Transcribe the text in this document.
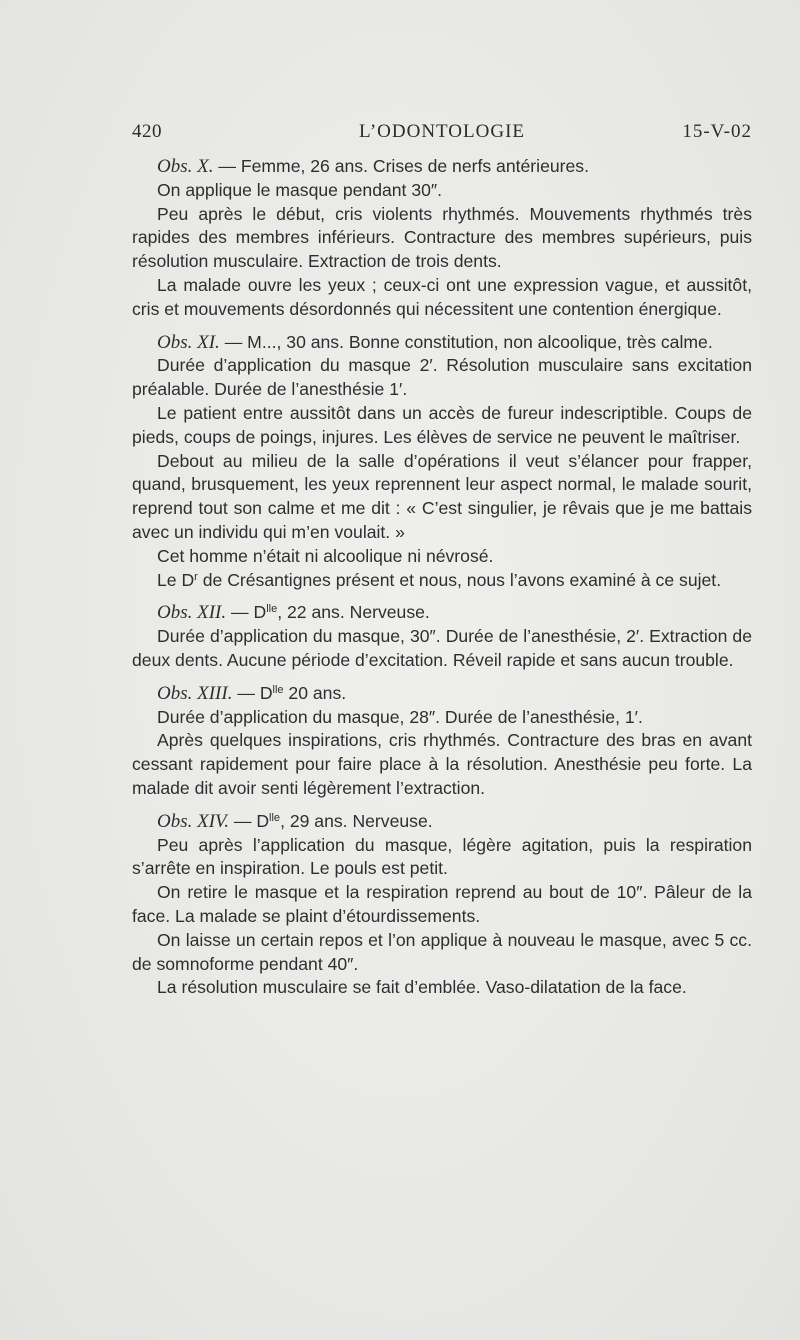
420	L’ODONTOLOGIE	15-V-02

Obs. X. — Femme, 26 ans. Crises de nerfs antérieures.

On applique le masque pendant 30″.

Peu après le début, cris violents rhythmés. Mouvements rhythmés très rapides des membres inférieurs. Contracture des membres supérieurs, puis résolution musculaire. Extraction de trois dents.

La malade ouvre les yeux ; ceux-ci ont une expression vague, et aussitôt, cris et mouvements désordonnés qui nécessitent une contention énergique.

Obs. XI. — M..., 30 ans. Bonne constitution, non alcoolique, très calme.

Durée d’application du masque 2′. Résolution musculaire sans excitation préalable. Durée de l’anesthésie 1′.

Le patient entre aussitôt dans un accès de fureur indescriptible. Coups de pieds, coups de poings, injures. Les élèves de service ne peuvent le maîtriser.

Debout au milieu de la salle d’opérations il veut s’élancer pour frapper, quand, brusquement, les yeux reprennent leur aspect normal, le malade sourit, reprend tout son calme et me dit : « C’est singulier, je rêvais que je me battais avec un individu qui m’en voulait. »

Cet homme n’était ni alcoolique ni névrosé.

Le $D^r$ de Crésantignes présent et nous, nous l’avons examiné à ce sujet.

Obs. XII. — $D^{lle}$, 22 ans. Nerveuse.

Durée d’application du masque, 30″. Durée de l’anesthésie, 2′. Extraction de deux dents. Aucune période d’excitation. Réveil rapide et sans aucun trouble.

Obs. XIII. — $D^{lle}$ 20 ans.

Durée d’application du masque, 28″. Durée de l’anesthésie, 1′.

Après quelques inspirations, cris rhythmés. Contracture des bras en avant cessant rapidement pour faire place à la résolution. Anesthésie peu forte. La malade dit avoir senti légèrement l’extraction.

Obs. XIV. — $D^{lle}$, 29 ans. Nerveuse.

Peu après l’application du masque, légère agitation, puis la respiration s’arrête en inspiration. Le pouls est petit.

On retire le masque et la respiration reprend au bout de 10″. Pâleur de la face. La malade se plaint d’étourdissements.

On laisse un certain repos et l’on applique à nouveau le masque, avec 5 cc. de somnoforme pendant 40″.

La résolution musculaire se fait d’emblée. Vaso-dilatation de la face.
